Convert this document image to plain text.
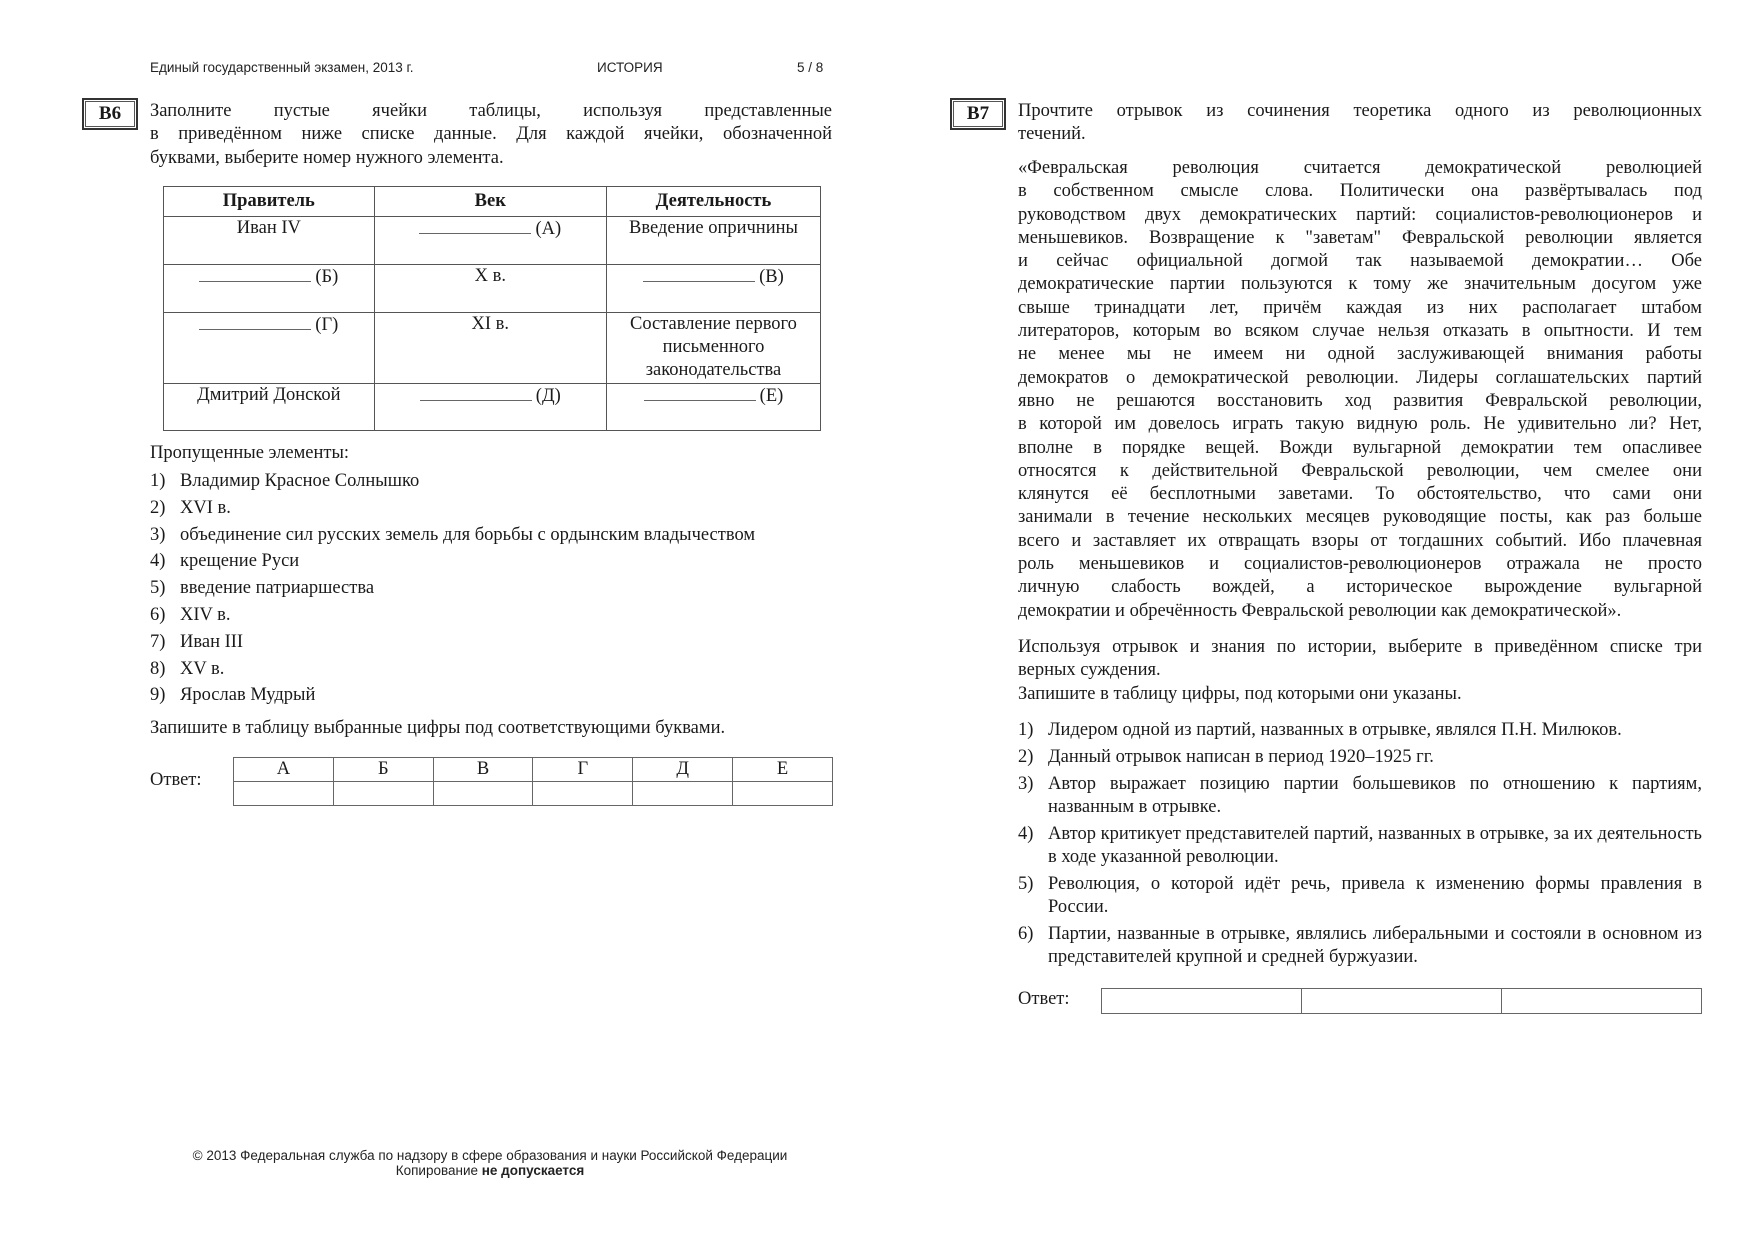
Единый государственный экзамен, 2013 г.	ИСТОРИЯ	5 / 8
B6	Заполните пустые ячейки таблицы, используя представленные
в приведённом ниже списке данные. Для каждой ячейки, обозначенной
буквами, выберите номер нужного элемента.
Правитель	Век	Деятельность
Иван IV	(А)	Введение опричнины
(Б)	X в.	(В)
(Г)	XI в.	Составление первого письменного законодательства
Дмитрий Донской	(Д)	(Е)
Пропущенные элементы:
1) Владимир Красное Солнышко
2) XVI в.
3) объединение сил русских земель для борьбы с ордынским владычеством
4) крещение Руси
5) введение патриаршества
6) XIV в.
7) Иван III
8) XV в.
9) Ярослав Мудрый
Запишите в таблицу выбранные цифры под соответствующими буквами.
Ответ:
А	Б	В	Г	Д	Е

© 2013 Федеральная служба по надзору в сфере образования и науки Российской Федерации
Копирование не допускается
B7	Прочтите отрывок из сочинения теоретика одного из революционных
течений.
«Февральская революция считается демократической революцией
в собственном смысле слова. Политически она развёртывалась под
руководством двух демократических партий: социалистов-революционеров и
меньшевиков. Возвращение к "заветам" Февральской революции является
и сейчас официальной догмой так называемой демократии… Обе
демократические партии пользуются к тому же значительным досугом уже
свыше тринадцати лет, причём каждая из них располагает штабом
литераторов, которым во всяком случае нельзя отказать в опытности. И тем
не менее мы не имеем ни одной заслуживающей внимания работы
демократов о демократической революции. Лидеры соглашательских партий
явно не решаются восстановить ход развития Февральской революции,
в которой им довелось играть такую видную роль. Не удивительно ли? Нет,
вполне в порядке вещей. Вожди вульгарной демократии тем опасливее
относятся к действительной Февральской революции, чем смелее они
клянутся её бесплотными заветами. То обстоятельство, что сами они
занимали в течение нескольких месяцев руководящие посты, как раз больше
всего и заставляет их отвращать взоры от тогдашних событий. Ибо плачевная
роль меньшевиков и социалистов-революционеров отражала не просто
личную слабость вождей, а историческое вырождение вульгарной
демократии и обречённость Февральской революции как демократической».
Используя отрывок и знания по истории, выберите в приведённом списке три
верных суждения.
Запишите в таблицу цифры, под которыми они указаны.
1) Лидером одной из партий, названных в отрывке, являлся П.Н. Милюков.
2) Данный отрывок написан в период 1920–1925 гг.
3) Автор выражает позицию партии большевиков по отношению к партиям, названным в отрывке.
4) Автор критикует представителей партий, названных в отрывке, за их деятельность в ходе указанной революции.
5) Революция, о которой идёт речь, привела к изменению формы правления в России.
6) Партии, названные в отрывке, являлись либеральными и состояли в основном из представителей крупной и средней буржуазии.
Ответ:
